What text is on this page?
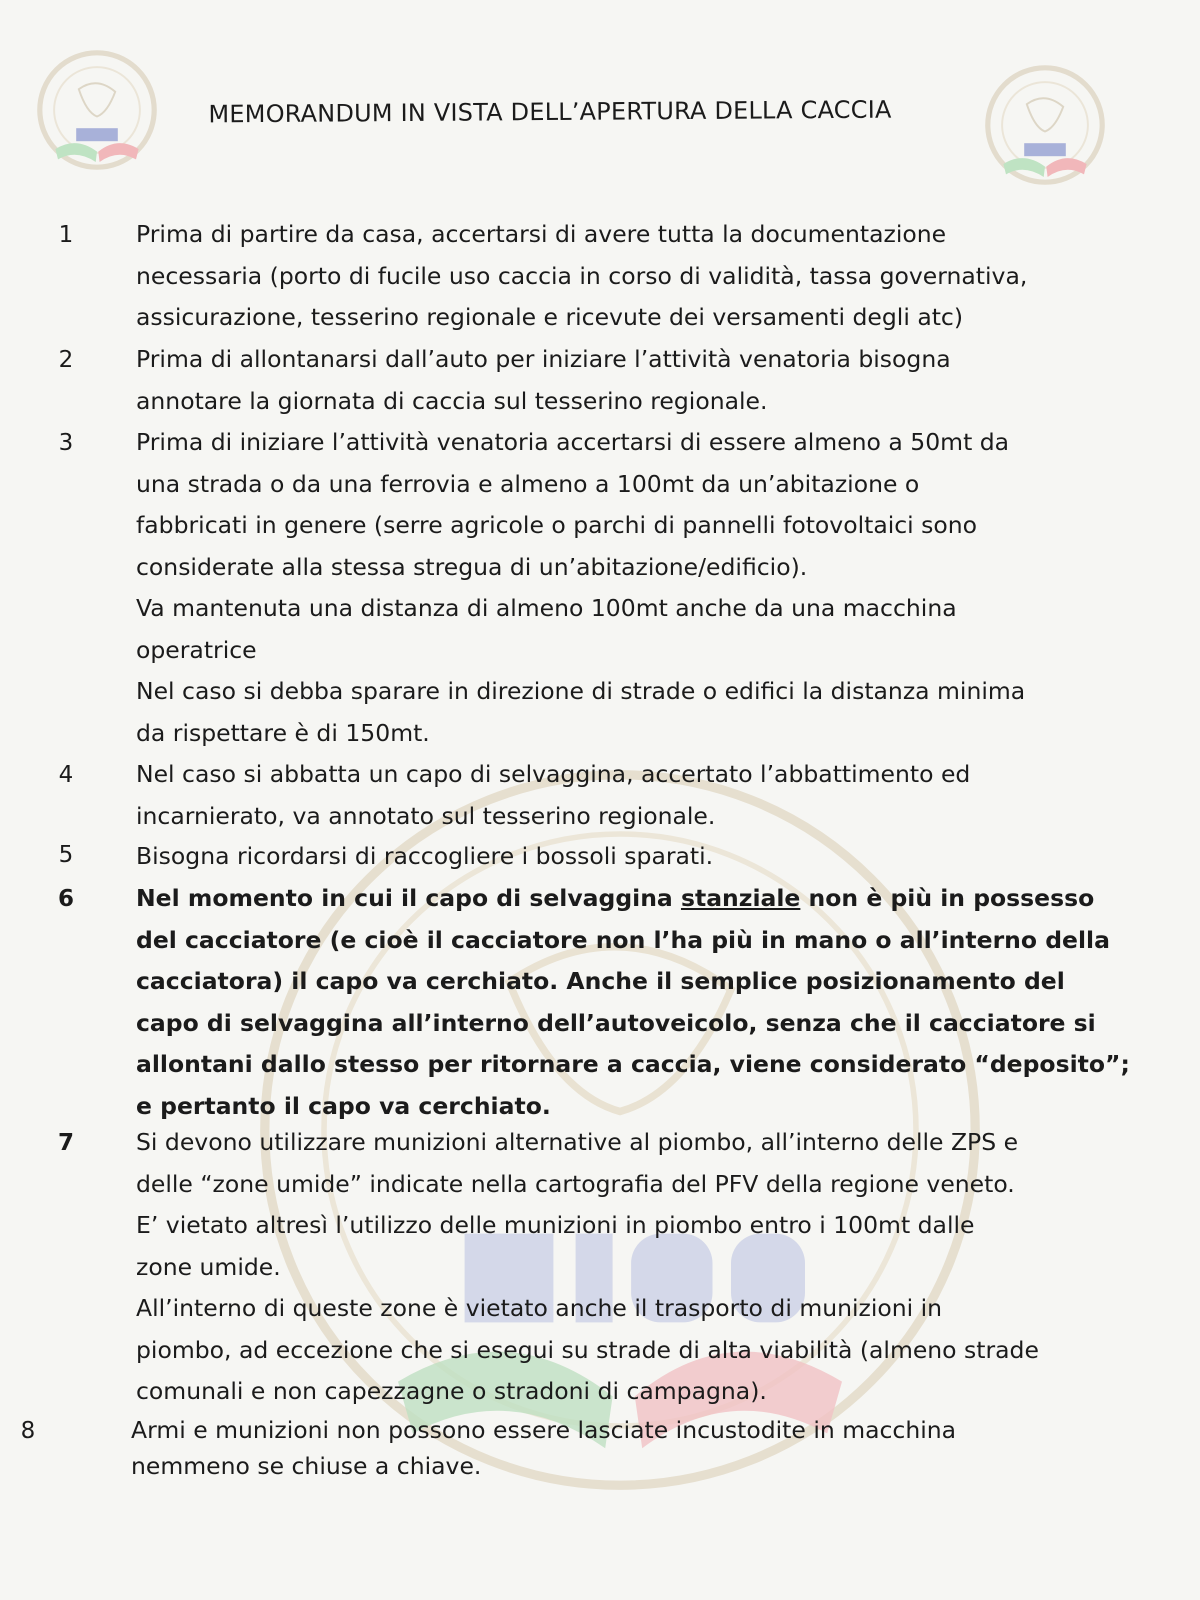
MEMORANDUM IN VISTA DELL’APERTURA DELLA CACCIA
1	Prima di partire da casa, accertarsi di avere tutta la documentazione
necessaria (porto di fucile uso caccia in corso di validità, tassa governativa,
assicurazione, tesserino regionale e ricevute dei versamenti degli atc)
2	Prima di allontanarsi dall’auto per iniziare l’attività venatoria bisogna
annotare la giornata di caccia sul tesserino regionale.
3	Prima di iniziare l’attività venatoria accertarsi di essere almeno a 50mt da
una strada o da una ferrovia e almeno a 100mt da un’abitazione o
fabbricati in genere (serre agricole o parchi di pannelli fotovoltaici sono
considerate alla stessa stregua di un’abitazione/edificio).
Va mantenuta una distanza di almeno 100mt anche da una macchina
operatrice
Nel caso si debba sparare in direzione di strade o edifici la distanza minima
da rispettare è di 150mt.
4	Nel caso si abbatta un capo di selvaggina, accertato l’abbattimento ed
incarnierato, va annotato sul tesserino regionale.
5	Bisogna ricordarsi di raccogliere i bossoli sparati.
6	Nel momento in cui il capo di selvaggina stanziale non è più in possesso
del cacciatore (e cioè il cacciatore non l’ha più in mano o all’interno della
cacciatora) il capo va cerchiato. Anche il semplice posizionamento del
capo di selvaggina all’interno dell’autoveicolo, senza che il cacciatore si
allontani dallo stesso per ritornare a caccia, viene considerato “deposito”;
e pertanto il capo va cerchiato.
7	Si devono utilizzare munizioni alternative al piombo, all’interno delle ZPS e
delle “zone umide” indicate nella cartografia del PFV della regione veneto.
E’ vietato altresì l’utilizzo delle munizioni in piombo entro i 100mt dalle
zone umide.
All’interno di queste zone è vietato anche il trasporto di munizioni in
piombo, ad eccezione che si esegui su strade di alta viabilità (almeno strade
comunali e non capezzagne o stradoni di campagna).
8	Armi e munizioni non possono essere lasciate incustodite in macchina
nemmeno se chiuse a chiave.
